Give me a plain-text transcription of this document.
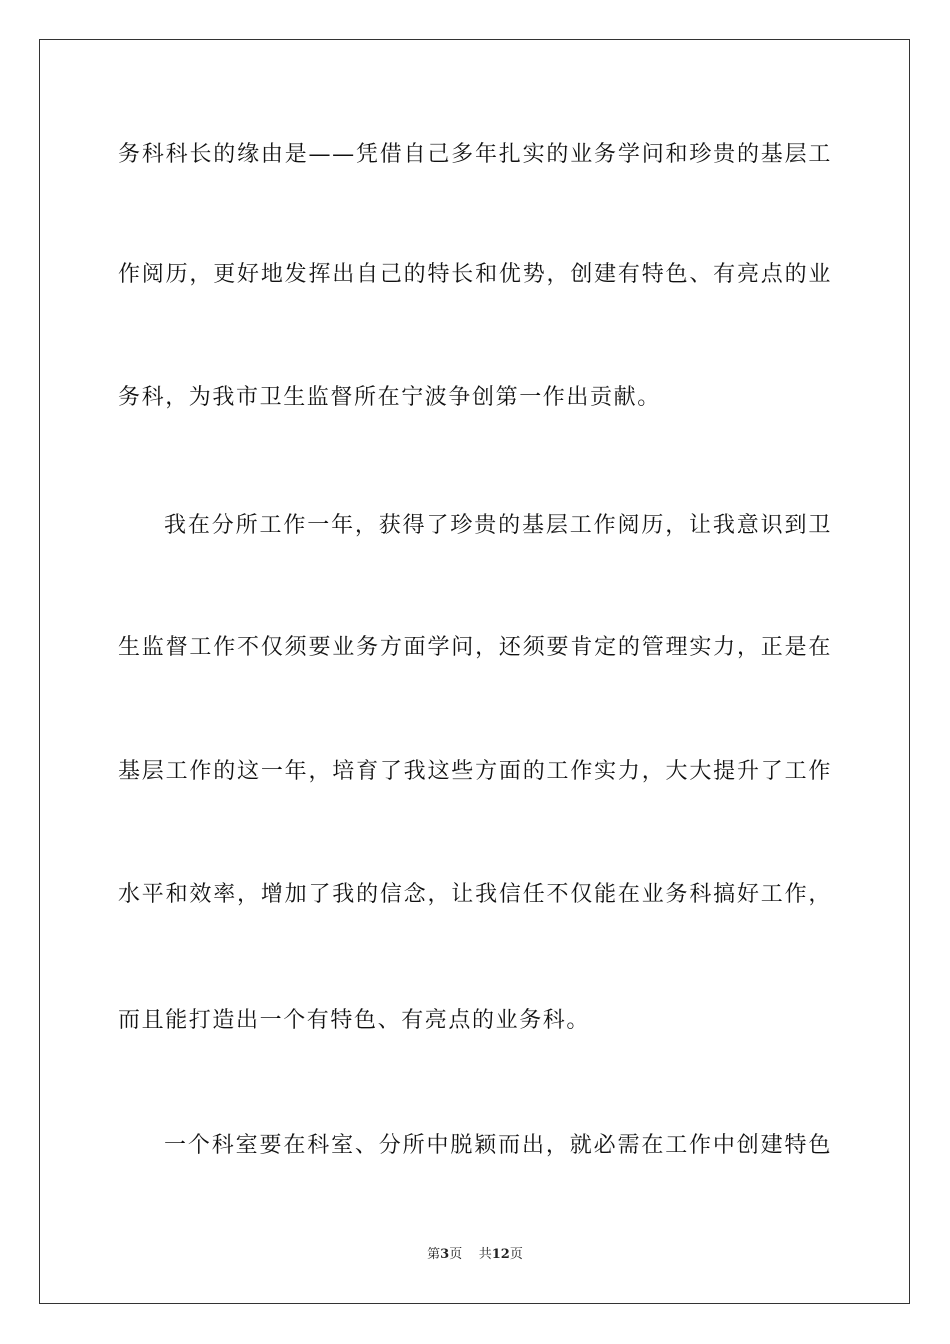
务科科长的缘由是——凭借自己多年扎实的业务学问和珍贵的基层工
作阅历，更好地发挥出自己的特长和优势，创建有特色、有亮点的业
务科，为我市卫生监督所在宁波争创第一作出贡献。
我在分所工作一年，获得了珍贵的基层工作阅历，让我意识到卫
生监督工作不仅须要业务方面学问，还须要肯定的管理实力，正是在
基层工作的这一年，培育了我这些方面的工作实力，大大提升了工作
水平和效率，增加了我的信念，让我信任不仅能在业务科搞好工作，
而且能打造出一个有特色、有亮点的业务科。
一个科室要在科室、分所中脱颖而出，就必需在工作中创建特色
第3页 共12页
